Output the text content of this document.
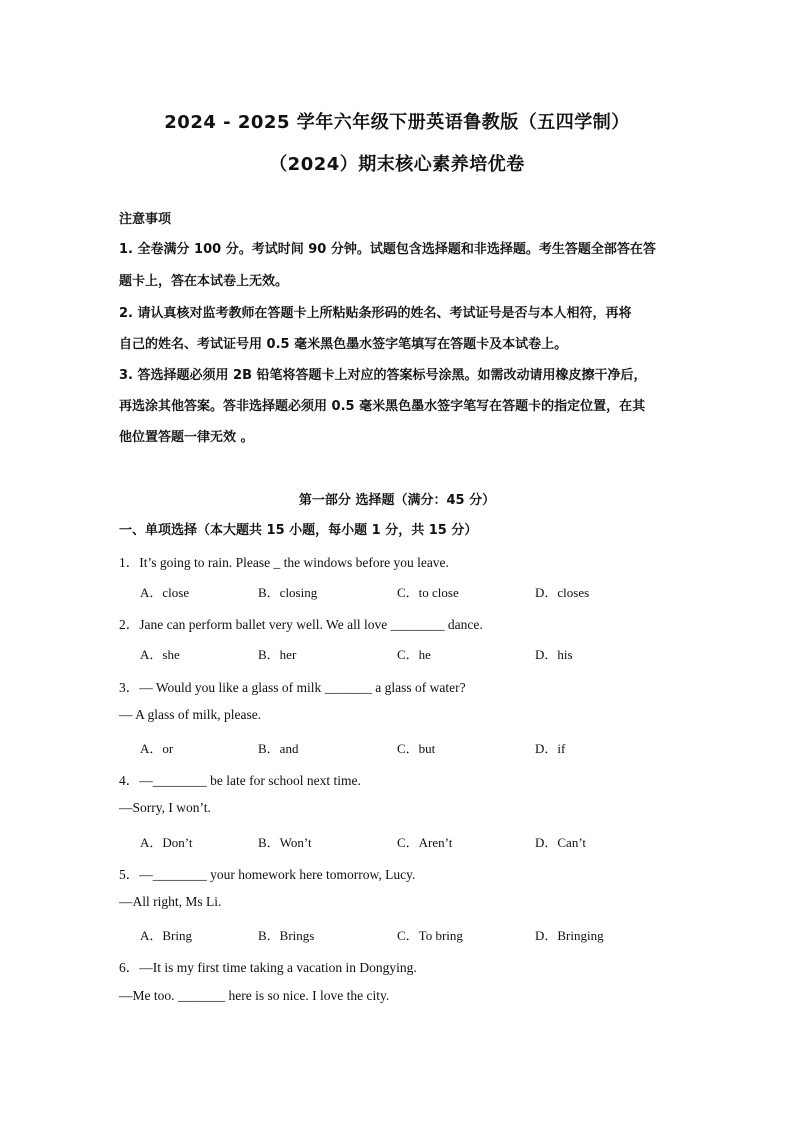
2024 - 2025 学年六年级下册英语鲁教版（五四学制）
（2024）期末核心素养培优卷
注意事项
1. 全卷满分 100 分。考试时间 90 分钟。试题包含选择题和非选择题。考生答题全部答在答
题卡上，答在本试卷上无效。
2. 请认真核对监考教师在答题卡上所粘贴条形码的姓名、考试证号是否与本人相符，再将
自己的姓名、考试证号用 0.5 毫米黑色墨水签字笔填写在答题卡及本试卷上。
3. 答选择题必须用 2B 铅笔将答题卡上对应的答案标号涂黑。如需改动请用橡皮擦干净后，
再选涂其他答案。答非选择题必须用 0.5 毫米黑色墨水签字笔写在答题卡的指定位置，在其
他位置答题一律无效 。
第一部分 选择题（满分：45 分）
一、单项选择（本大题共 15 小题，每小题 1 分，共 15 分）
1．It’s going to rain. Please _ the windows before you leave.
A．close	B．closing	C．to close	D．closes
2．Jane can perform ballet very well. We all love ________ dance.
A．she	B．her	C．he	D．his
3．— Would you like a glass of milk _______ a glass of water?
— A glass of milk, please.
A．or	B．and	C．but	D．if
4．—________ be late for school next time.
—Sorry, I won’t.
A．Don’t	B．Won’t	C．Aren’t	D．Can’t
5．—________ your homework here tomorrow, Lucy.
—All right, Ms Li.
A．Bring	B．Brings	C．To bring	D．Bringing
6．—It is my first time taking a vacation in Dongying.
—Me too. _______ here is so nice. I love the city.
